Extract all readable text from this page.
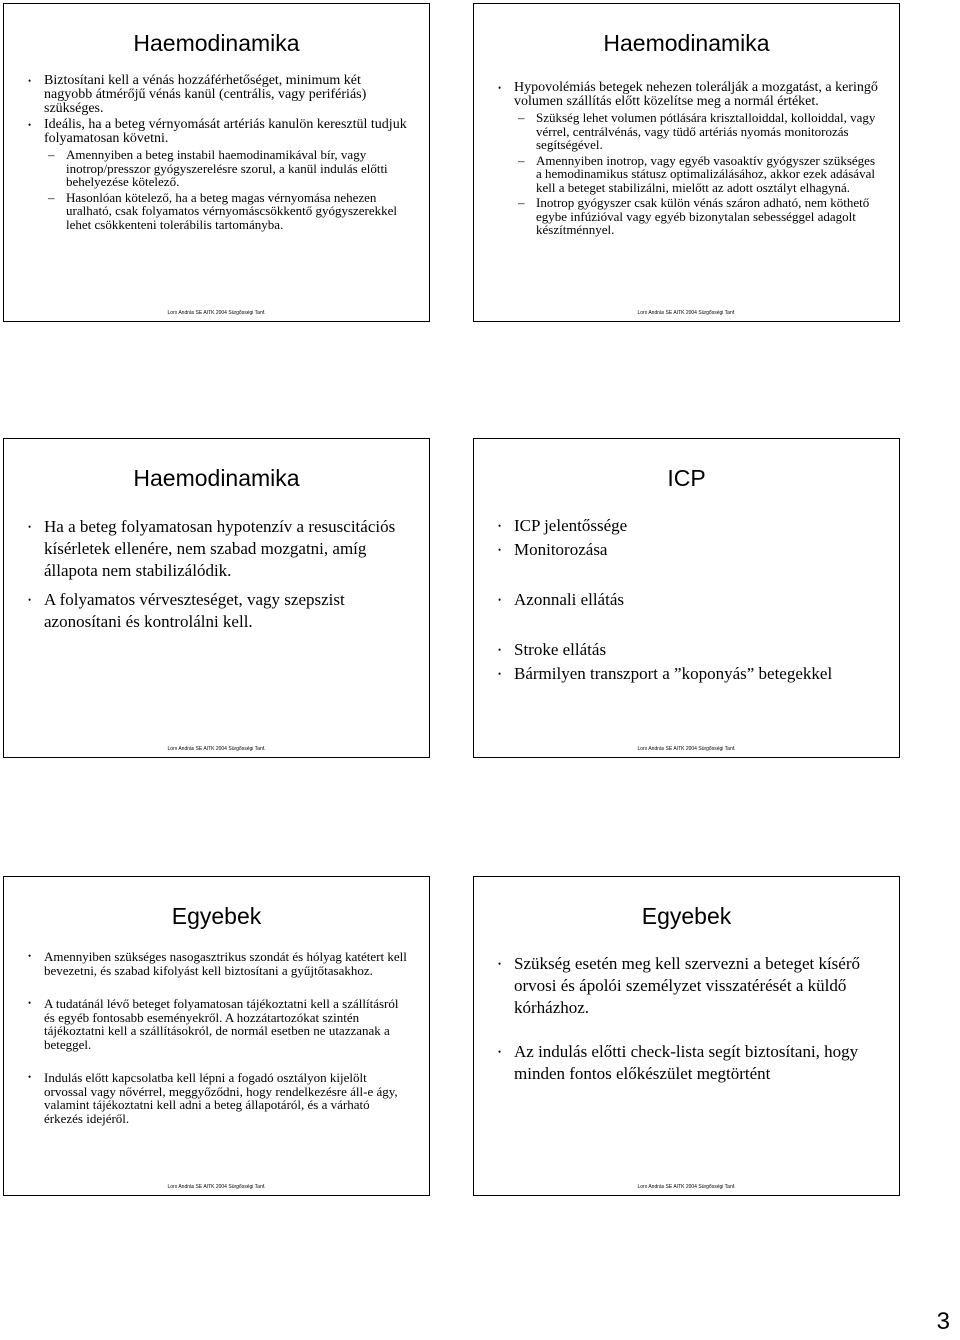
Haemodinamika

• Biztosítani kell a vénás hozzáférhetőséget, minimum két nagyobb átmérőjű vénás kanül (centrális, vagy perifériás) szükséges.

• Ideális, ha a beteg vérnyomását artériás kanulön keresztül tudjuk folyamatosan követni.

– Amennyiben a beteg instabil haemodinamikával bír, vagy inotrop/presszor gyógyszerelésre szorul, a kanül indulás előtti behelyezése kötelező.

– Hasonlóan kötelező, ha a beteg magas vérnyomása nehezen uralható, csak folyamatos vérnyomáscsökkentő gyógyszerekkel lehet csökkenteni tolerábilis tartományba.

Lorx András SE AITK 2004 Sürgősségi Tanf.
Haemodinamika

• Hypovolémiás betegek nehezen tolerálják a mozgatást, a keringő volumen szállítás előtt közelítse meg a normál értéket.

– Szükség lehet volumen pótlására krisztalloiddal, kolloiddal, vagy vérrel, centrálvénás, vagy tüdő artériás nyomás monitorozás segítségével.

– Amennyiben inotrop, vagy egyéb vasoaktív gyógyszer szükséges a hemodinamikus státusz optimalizálásához, akkor ezek adásával kell a beteget stabilizálni, mielőtt az adott osztályt elhagyná.

– Inotrop gyógyszer csak külön vénás száron adható, nem köthető egybe infúzióval vagy egyéb bizonytalan sebességgel adagolt készítménnyel.

Lorx András SE AITK 2004 Sürgősségi Tanf.
Haemodinamika

• Ha a beteg folyamatosan hypotenzív a resuscitációs kísérletek ellenére, nem szabad mozgatni, amíg állapota nem stabilizálódik.

• A folyamatos vérveszteséget, vagy szepszist azonosítani és kontrolálni kell.

Lorx András SE AITK 2004 Sürgősségi Tanf.
ICP

• ICP jelentőssége

• Monitorozása

• Azonnali ellátás

• Stroke ellátás

• Bármilyen transzport a ”koponyás” betegekkel

Lorx András SE AITK 2004 Sürgősségi Tanf.
Egyebek

• Amennyiben szükséges nasogasztrikus szondát és hólyag katétert kell bevezetni, és szabad kifolyást kell biztosítani a gyűjtőtasakhoz.

• A tudatánál lévő beteget folyamatosan tájékoztatni kell a szállításról és egyéb fontosabb eseményekről. A hozzátartozókat szintén tájékoztatni kell a szállításokról, de normál esetben ne utazzanak a beteggel.

• Indulás előtt kapcsolatba kell lépni a fogadó osztályon kijelölt orvossal vagy nővérrel, meggyőződni, hogy rendelkezésre áll-e ágy, valamint tájékoztatni kell adni a beteg állapotáról, és a várható érkezés idejéről.

Lorx András SE AITK 2004 Sürgősségi Tanf.
Egyebek

• Szükség esetén meg kell szervezni a beteget kísérő orvosi és ápolói személyzet visszatérését a küldő kórházhoz.

• Az indulás előtti check-lista segít biztosítani, hogy minden fontos előkészület megtörtént

Lorx András SE AITK 2004 Sürgősségi Tanf.
3
